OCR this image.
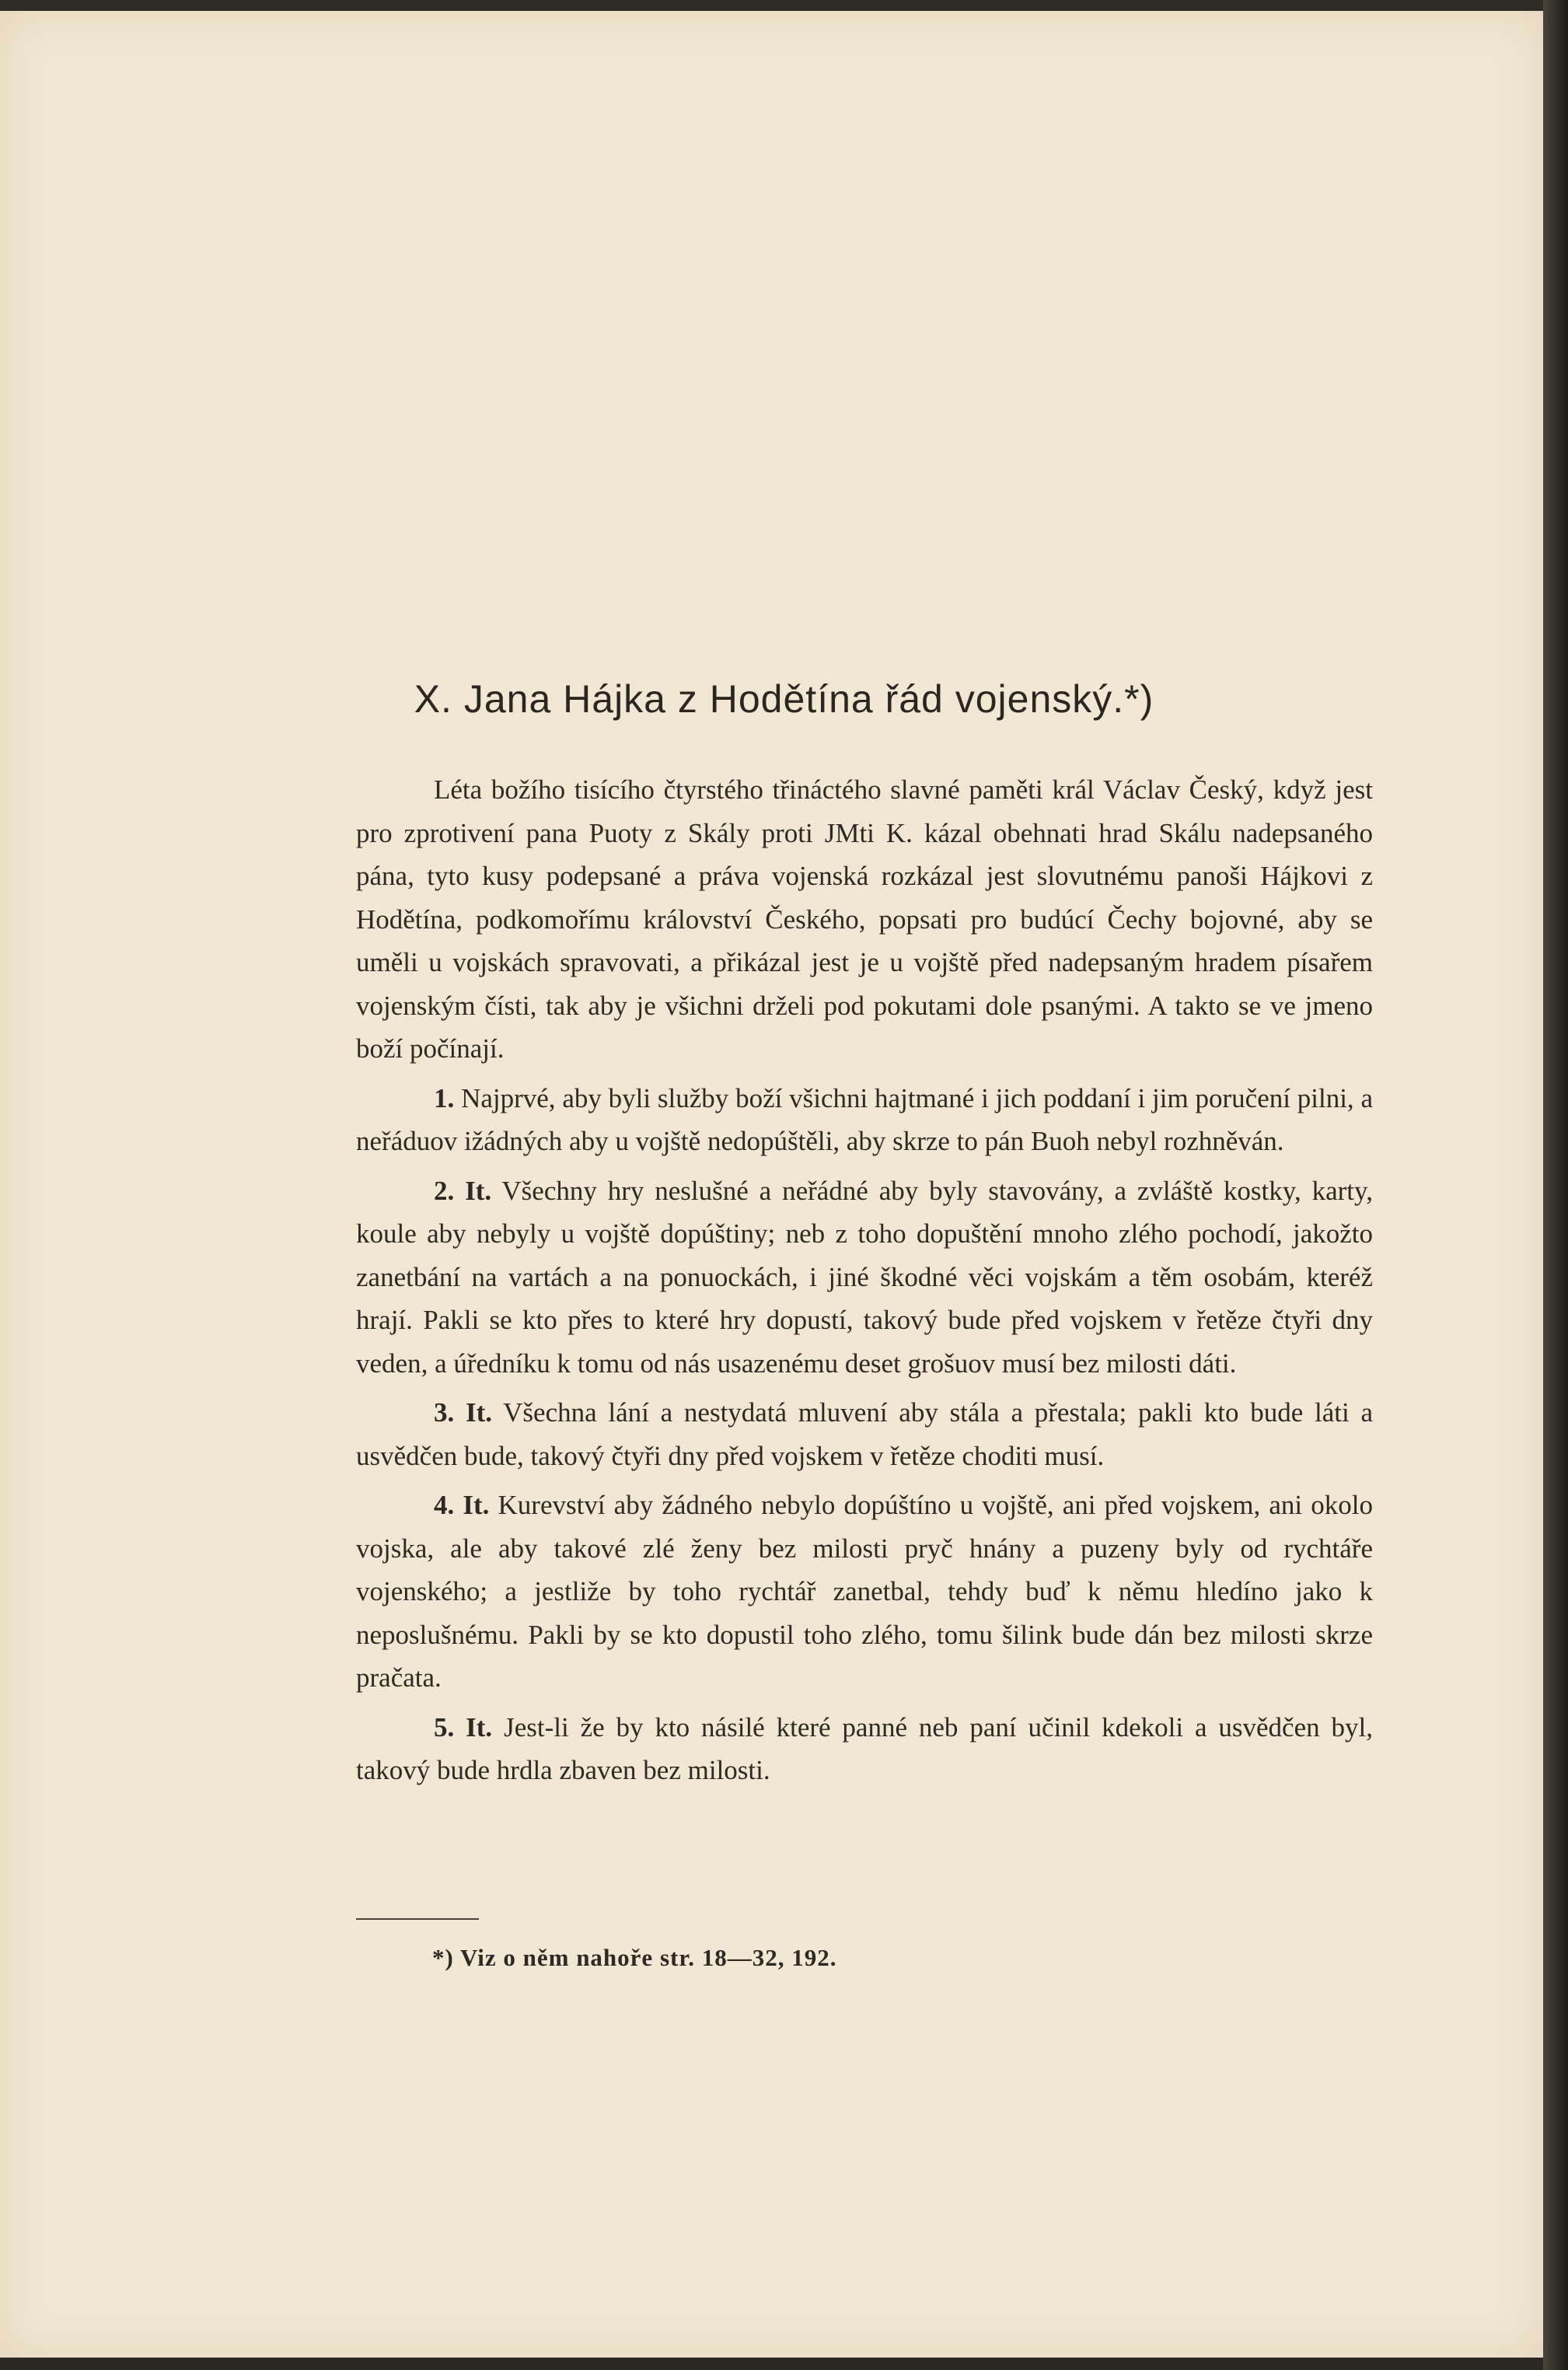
X. Jana Hájka z Hodětína řád vojenský.*)

Léta božího tisícího čtyrstého třináctého slavné paměti král Václav Český, když jest pro zprotivení pana Puoty z Skály proti JMti K. kázal obehnati hrad Skálu nadepsaného pána, tyto kusy podepsané a práva vojenská rozkázal jest slovutnému panoši Hájkovi z Hodětína, podkomořímu království Českého, popsati pro budúcí Čechy bojovné, aby se uměli u vojskách spravovati, a přikázal jest je u vojště před nadepsaným hradem písařem vojenským čísti, tak aby je všichni drželi pod pokutami dole psanými. A takto se ve jmeno boží počínají.

1. Najprvé, aby byli služby boží všichni hajtmané i jich poddaní i jim poručení pilni, a neřáduov ižádných aby u vojště nedopúštěli, aby skrze to pán Buoh nebyl rozhněván.

2. It. Všechny hry neslušné a neřádné aby byly stavovány, a zvláště kostky, karty, koule aby nebyly u vojště dopúštiny; neb z toho dopuštění mnoho zlého pochodí, jakožto zanetbání na vartách a na ponuockách, i jiné škodné věci vojskám a těm osobám, kteréž hrají. Pakli se kto přes to které hry dopustí, takový bude před vojskem v řetěze čtyři dny veden, a úředníku k tomu od nás usazenému deset grošuov musí bez milosti dáti.

3. It. Všechna lání a nestydatá mluvení aby stála a přestala; pakli kto bude láti a usvědčen bude, takový čtyři dny před vojskem v řetěze choditi musí.

4. It. Kurevství aby žádného nebylo dopúštíno u vojště, ani před vojskem, ani okolo vojska, ale aby takové zlé ženy bez milosti pryč hnány a puzeny byly od rychtáře vojenského; a jestliže by toho rychtář zanetbal, tehdy buď k němu hledíno jako k neposlušnému. Pakli by se kto dopustil toho zlého, tomu šilink bude dán bez milosti skrze pračata.

5. It. Jest-li že by kto násilé které panné neb paní učinil kdekoli a usvědčen byl, takový bude hrdla zbaven bez milosti.

*) Viz o něm nahoře str. 18—32, 192.
